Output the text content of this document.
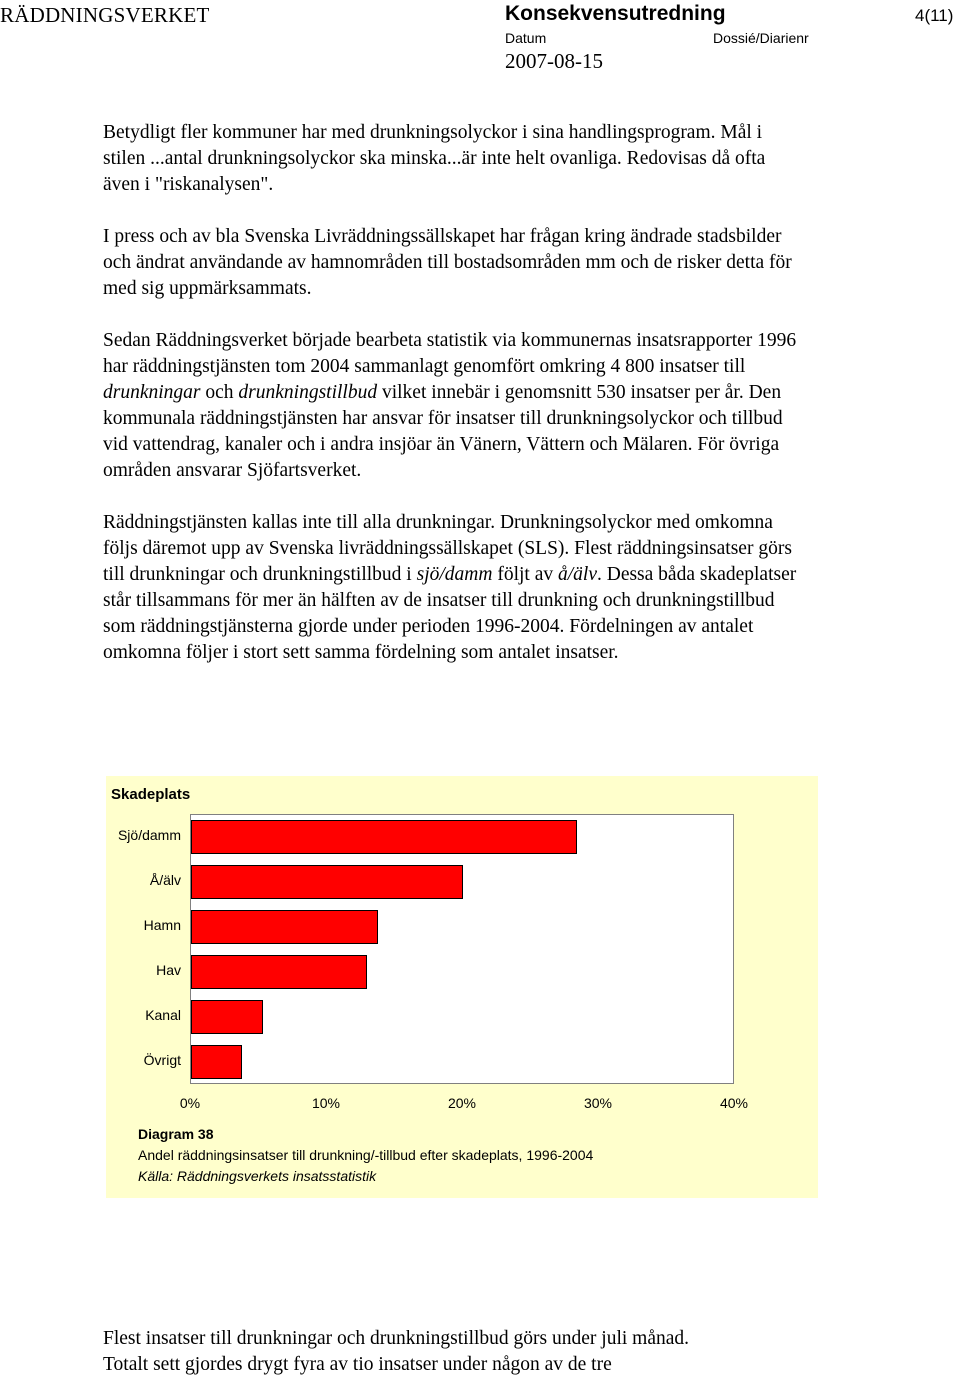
RÄDDNINGSVERKET	Konsekvensutredning	4(11)
Datum	Dossié/Diarienr
2007-08-15

Betydligt fler kommuner har med drunkningsolyckor i sina handlingsprogram. Mål i stilen ...antal drunkningsolyckor ska minska...är inte helt ovanliga. Redovisas då ofta även i "riskanalysen".

I press och av bla Svenska Livräddningssällskapet har frågan kring ändrade stadsbilder och ändrat användande av hamnområden till bostadsområden mm och de risker detta för med sig uppmärksammats.

Sedan Räddningsverket började bearbeta statistik via kommunernas insatsrapporter 1996 har räddningstjänsten tom 2004 sammanlagt genomfört omkring 4 800 insatser till drunkningar och drunkningstillbud vilket innebär i genomsnitt 530 insatser per år. Den kommunala räddningstjänsten har ansvar för insatser till drunkningsolyckor och tillbud vid vattendrag, kanaler och i andra insjöar än Vänern, Vättern och Mälaren. För övriga områden ansvarar Sjöfartsverket.

Räddningstjänsten kallas inte till alla drunkningar. Drunkningsolyckor med omkomna följs däremot upp av Svenska livräddningssällskapet (SLS). Flest räddningsinsatser görs till drunkningar och drunkningstillbud i sjö/damm följt av å/älv. Dessa båda skadeplatser står tillsammans för mer än hälften av de insatser till drunkning och drunkningstillbud som räddningstjänsterna gjorde under perioden 1996-2004. Fördelningen av antalet omkomna följer i stort sett samma fördelning som antalet insatser.

Skadeplats
Sjö/damm
Å/älv
Hamn
Hav
Kanal
Övrigt
0%	10%	20%	30%	40%
Diagram 38
Andel räddningsinsatser till drunkning/-tillbud efter skadeplats, 1996-2004
Källa: Räddningsverkets insatsstatistik
Flest insatser till drunkningar och drunkningstillbud görs under juli månad.
Totalt sett gjordes drygt fyra av tio insatser under någon av de tre
